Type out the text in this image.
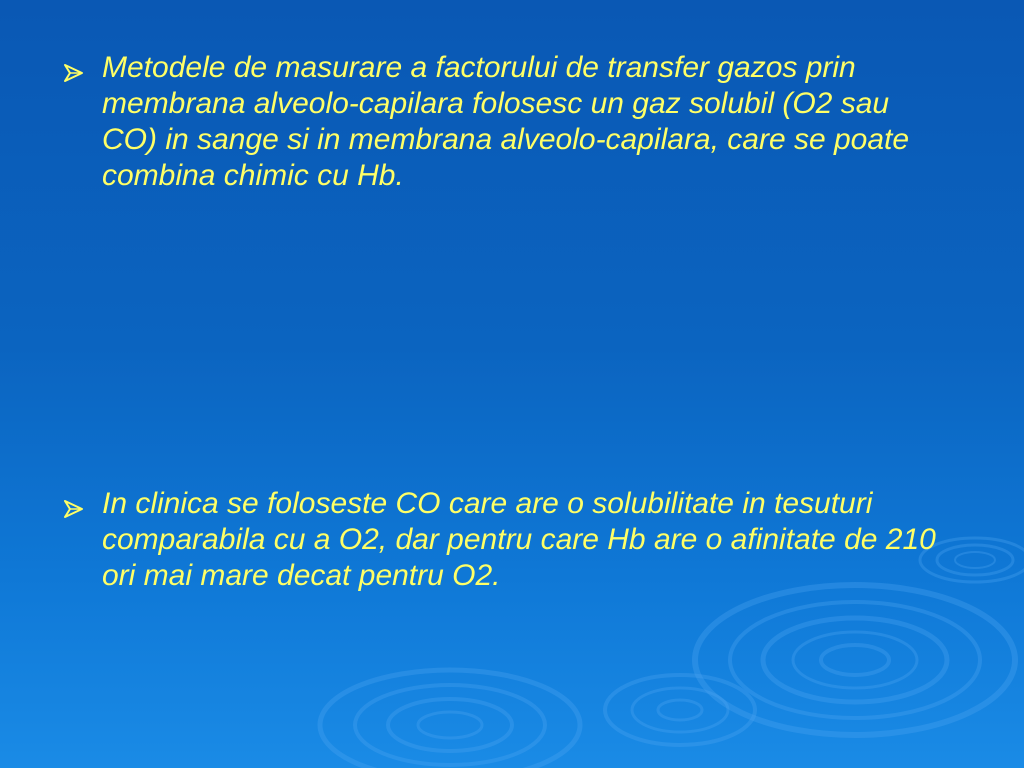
Metodele de masurare a factorului de transfer gazos prin membrana alveolo-capilara folosesc un gaz solubil (O2 sau CO) in sange si in membrana alveolo-capilara, care se poate combina chimic cu Hb.
In clinica se foloseste CO care are o solubilitate in tesuturi comparabila cu a O2, dar pentru care Hb are o afinitate de 210 ori mai mare decat pentru O2.
